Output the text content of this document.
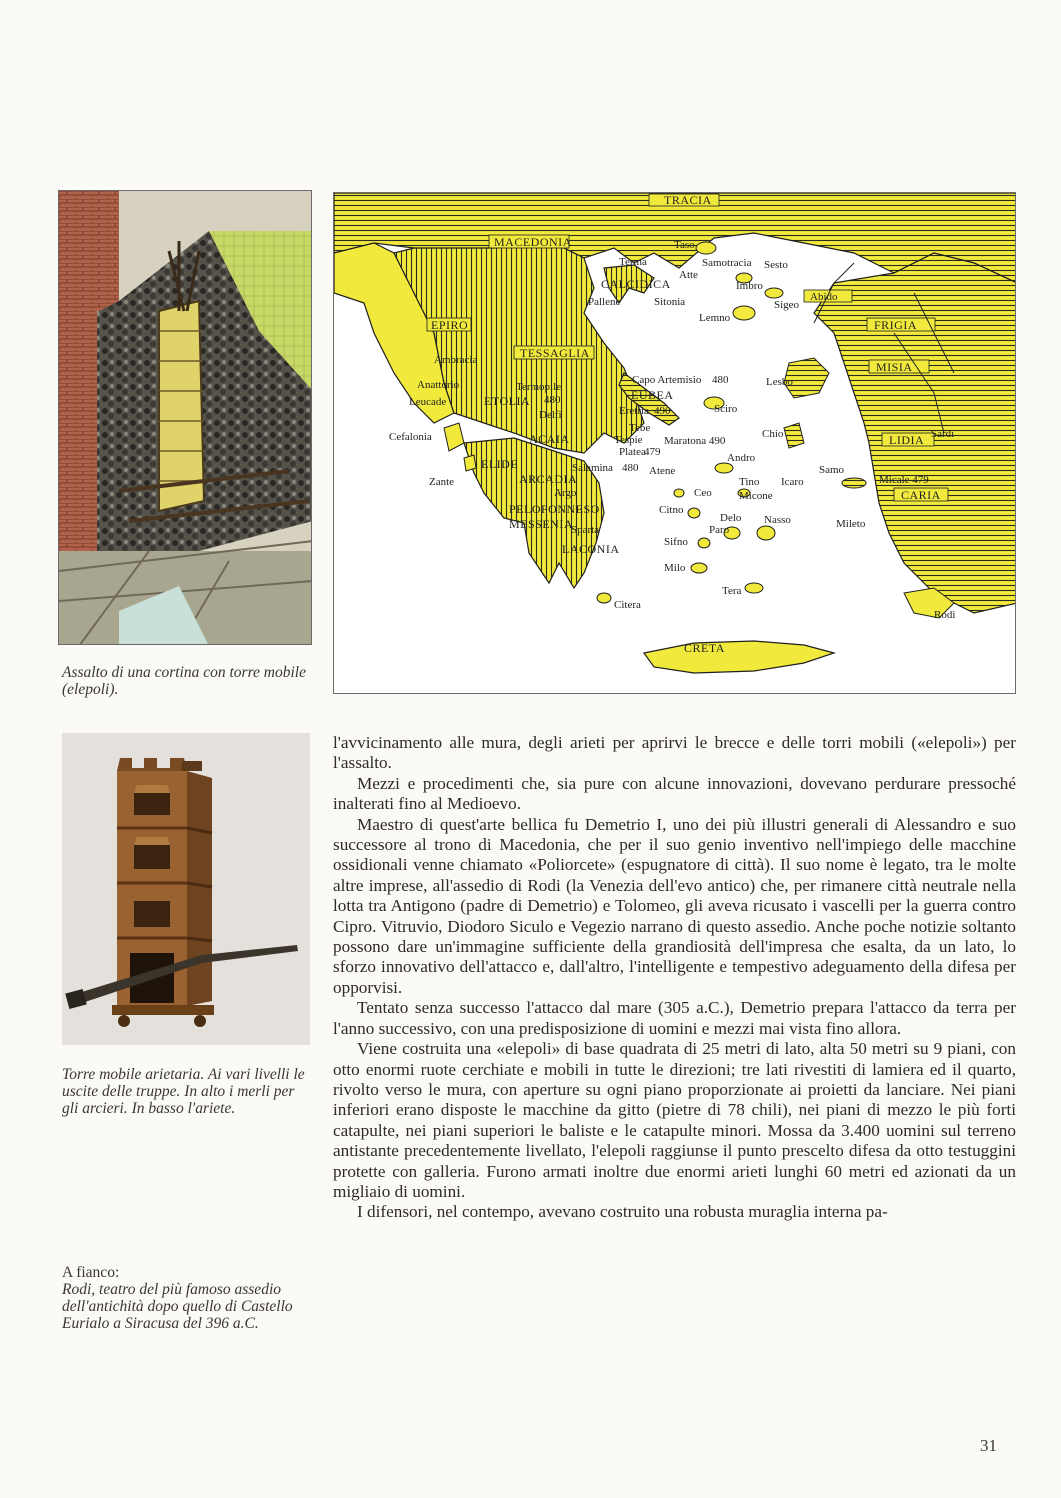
TRACIA
MACEDONIA
CALCIDICA
EPIRO
TESSAGLIA
ETOLIA	EUBEA
ACAIA
ELIDE
ARCADIA
PELOPONNESO
MESSENIA
LACONIA
FRIGIA
MISIA
LIDIA
CARIA
CRETA
Terma
Taso
Atte
Samotracia Sesto
Abido
Imbro
Sigeo
Pallene	Sitonia
Lemno
Ambracia
Anattorio
Leucade
Termopile
480
Capo Artemisio 480	Lesbo
Delfi	Eretria 490	Sciro
Cefalonia
Tebe
Tespie
Platea
479
Maratona 490
Chio	Sardi
Salamina 480 Atene
Andro
Samo
Zante
Argo	Ceo
Tino Icaro
Micone
Micale 479
Citno
Delo Nasso	Mileto
Sparta	Paro
Sifno
Milo
Tera
Citera
Rodi
Assalto di una cortina con torre mobile (elepoli).
Torre mobile arietaria. Ai vari livelli le uscite delle truppe. In alto i merli per gli arcieri. In basso l'ariete.
A fianco:
Rodi, teatro del più famoso assedio dell'antichità dopo quello di Castello Eurialo a Siracusa del 396 a.C.

l'avvicinamento alle mura, degli arieti per aprirvi le brecce e delle torri mobili («elepoli») per l'assalto.

Mezzi e procedimenti che, sia pure con alcune innovazioni, dovevano perdurare pressoché inalterati fino al Medioevo.

Maestro di quest'arte bellica fu Demetrio I, uno dei più illustri generali di Alessandro e suo successore al trono di Macedonia, che per il suo genio inventivo nell'impiego delle macchine ossidionali venne chiamato «Poliorcete» (espugnatore di città). Il suo nome è legato, tra le molte altre imprese, all'assedio di Rodi (la Venezia dell'evo antico) che, per rimanere città neutrale nella lotta tra Antigono (padre di Demetrio) e Tolomeo, gli aveva ricusato i vascelli per la guerra contro Cipro. Vitruvio, Diodoro Siculo e Vegezio narrano di questo assedio. Anche poche notizie soltanto possono dare un'immagine sufficiente della grandiosità dell'impresa che esalta, da un lato, lo sforzo innovativo dell'attacco e, dall'altro, l'intelligente e tempestivo adeguamento della difesa per opporvisi.

Tentato senza successo l'attacco dal mare (305 a.C.), Demetrio prepara l'attacco da terra per l'anno successivo, con una predisposizione di uomini e mezzi mai vista fino allora.

Viene costruita una «elepoli» di base quadrata di 25 metri di lato, alta 50 metri su 9 piani, con otto enormi ruote cerchiate e mobili in tutte le direzioni; tre lati rivestiti di lamiera ed il quarto, rivolto verso le mura, con aperture su ogni piano proporzionate ai proietti da lanciare. Nei piani inferiori erano disposte le macchine da gitto (pietre di 78 chili), nei piani di mezzo le più forti catapulte, nei piani superiori le baliste e le catapulte minori. Mossa da 3.400 uomini sul terreno antistante precedentemente livellato, l'elepoli raggiunse il punto prescelto difesa da otto testuggini protette con galleria. Furono armati inoltre due enormi arieti lunghi 60 metri ed azionati da un migliaio di uomini.

I difensori, nel contempo, avevano costruito una robusta muraglia interna pa-

31
